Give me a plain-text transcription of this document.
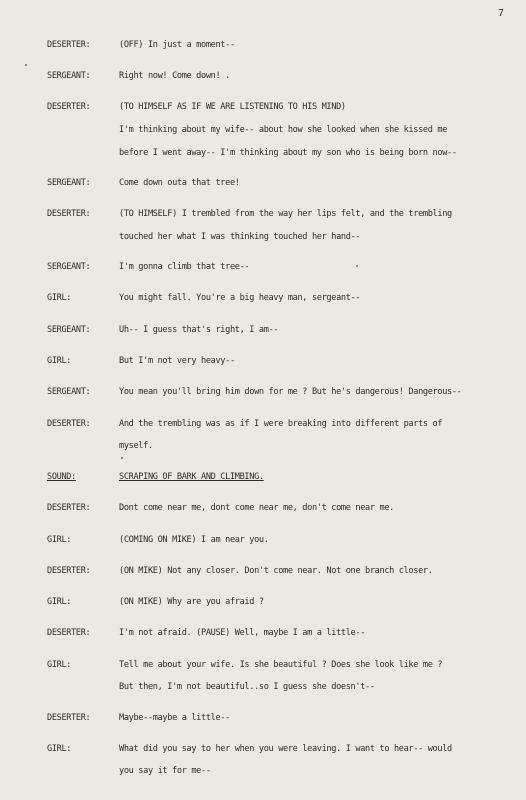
7
DESERTER:	(OFF) In just a moment--
SERGEANT:	Right now! Come down! .
DESERTER:	(TO HIMSELF AS IF WE ARE LISTENING TO HIS MIND)
I'm thinking about my wife-- about how she looked when she kissed me
before I went away-- I'm thinking about my son who is being born now--
SERGEANT:	Come down outa that tree!
DESERTER:	(TO HIMSELF) I trembled from the way her lips felt, and the trembling
touched her what I was thinking touched her hand--
SERGEANT:	I'm gonna climb that tree--
GIRL:	You might fall. You're a big heavy man, sergeant--
SERGEANT:	Uh-- I guess that's right, I am--
GIRL:	But I'm not very heavy--
SERGEANT:	You mean you'll bring him down for me ? But he's dangerous! Dangerous--
DESERTER:	And the trembling was as if I were breaking into different parts of
myself.
SOUND:	SCRAPING OF BARK AND CLIMBING.
DESERTER:	Dont come near me, dont come near me, don't come near me.
GIRL:	(COMING ON MIKE) I am near you.
DESERTER:	(ON MIKE) Not any closer. Don't come near. Not one branch closer.
GIRL:	(ON MIKE) Why are you afraid ?
DESERTER:	I'm not afraid. (PAUSE) Well, maybe I am a little--
GIRL:	Tell me about your wife. Is she beautiful ? Does she look like me ?
But then, I'm not beautiful..so I guess she doesn't--
DESERTER:	Maybe--maybe a little--
GIRL:	What did you say to her when you were leaving. I want to hear-- would
you say it for me--
